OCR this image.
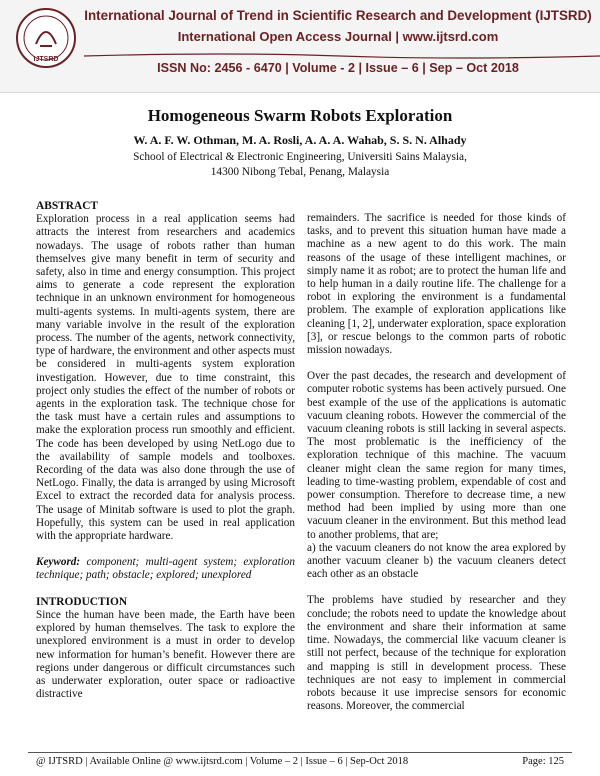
IJTSRD
International Journal of Trend in Scientific Research and Development (IJTSRD)
International Open Access Journal | www.ijtsrd.com
ISSN No: 2456 - 6470 | Volume - 2 | Issue – 6 | Sep – Oct 2018
Homogeneous Swarm Robots Exploration
W. A. F. W. Othman, M. A. Rosli, A. A. A. Wahab, S. S. N. Alhady
School of Electrical & Electronic Engineering, Universiti Sains Malaysia,
14300 Nibong Tebal, Penang, Malaysia
ABSTRACT

Exploration process in a real application seems had attracts the interest from researchers and academics nowadays. The usage of robots rather than human themselves give many benefit in term of security and safety, also in time and energy consumption. This project aims to generate a code represent the exploration technique in an unknown environment for homogeneous multi-agents systems. In multi-agents system, there are many variable involve in the result of the exploration process. The number of the agents, network connectivity, type of hardware, the environment and other aspects must be considered in multi-agents system exploration investigation. However, due to time constraint, this project only studies the effect of the number of robots or agents in the exploration task. The technique chose for the task must have a certain rules and assumptions to make the exploration process run smoothly and efficient. The code has been developed by using NetLogo due to the availability of sample models and toolboxes. Recording of the data was also done through the use of NetLogo. Finally, the data is arranged by using Microsoft Excel to extract the recorded data for analysis process. The usage of Minitab software is used to plot the graph. Hopefully, this system can be used in real application with the appropriate hardware.

Keyword: component; multi-agent system; exploration technique; path; obstacle; explored; unexplored

INTRODUCTION

Since the human have been made, the Earth have been explored by human themselves. The task to explore the unexplored environment is a must in order to develop new information for human’s benefit. However there are regions under dangerous or difficult circumstances such as underwater exploration, outer space or radioactive distractive

remainders. The sacrifice is needed for those kinds of tasks, and to prevent this situation human have made a machine as a new agent to do this work. The main reasons of the usage of these intelligent machines, or simply name it as robot; are to protect the human life and to help human in a daily routine life. The challenge for a robot in exploring the environment is a fundamental problem. The example of exploration applications like cleaning [1, 2], underwater exploration, space exploration [3], or rescue belongs to the common parts of robotic mission nowadays.

Over the past decades, the research and development of computer robotic systems has been actively pursued. One best example of the use of the applications is automatic vacuum cleaning robots. However the commercial of the vacuum cleaning robots is still lacking in several aspects. The most problematic is the inefficiency of the exploration technique of this machine. The vacuum cleaner might clean the same region for many times, leading to time-wasting problem, expendable of cost and power consumption. Therefore to decrease time, a new method had been implied by using more than one vacuum cleaner in the environment. But this method lead to another problems, that are;

a) the vacuum cleaners do not know the area explored by another vacuum cleaner b) the vacuum cleaners detect each other as an obstacle

The problems have studied by researcher and they conclude; the robots need to update the knowledge about the environment and share their information at same time. Nowadays, the commercial like vacuum cleaner is still not perfect, because of the technique for exploration and mapping is still in development process. These techniques are not easy to implement in commercial robots because it use imprecise sensors for economic reasons. Moreover, the commercial

@ IJTSRD | Available Online @ www.ijtsrd.com | Volume – 2 | Issue – 6 | Sep-Oct 2018	Page: 125
